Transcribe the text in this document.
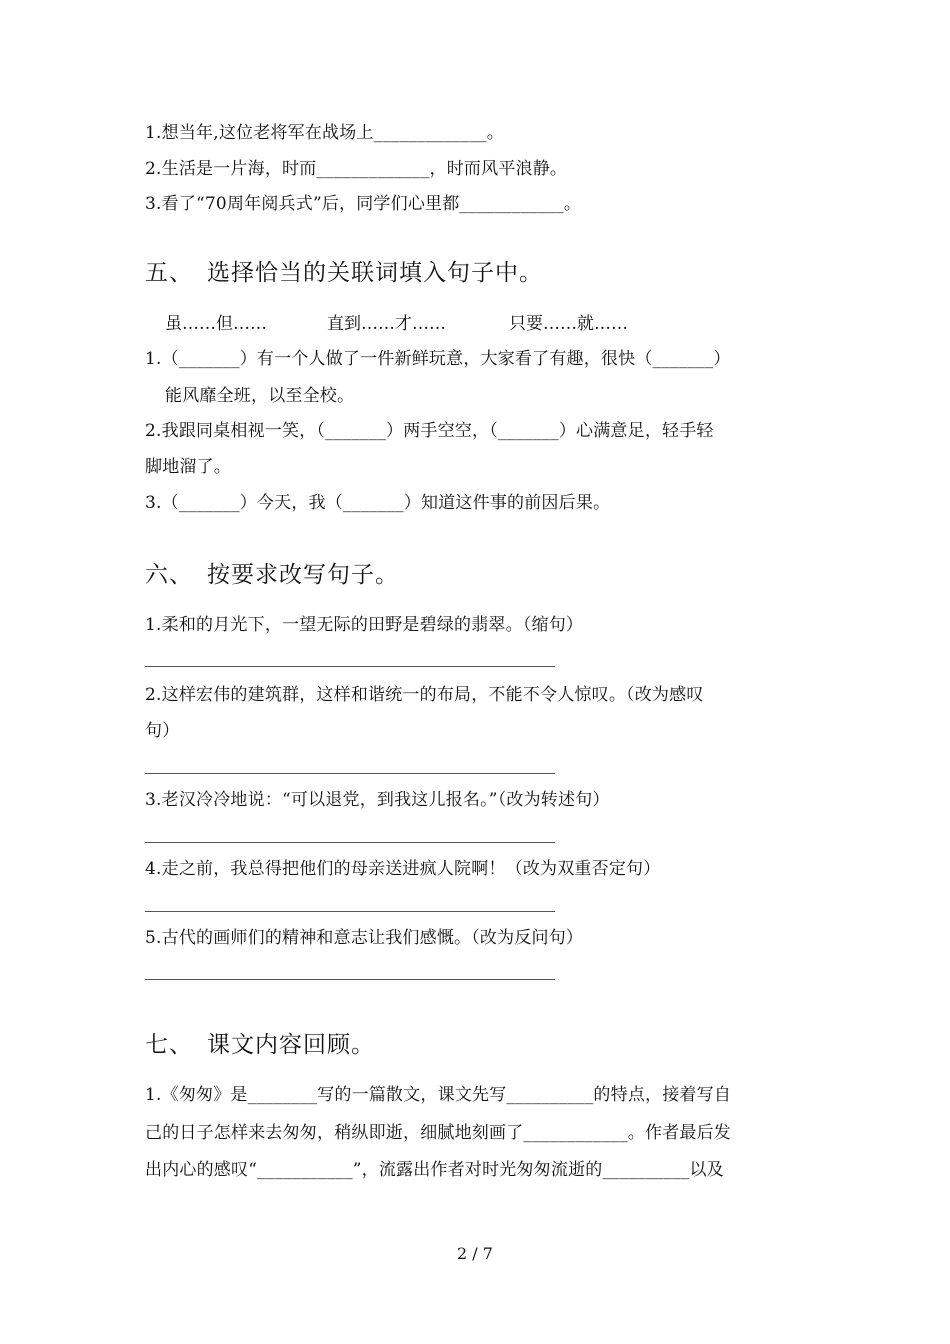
1.想当年,这位老将军在战场上_____________。
2.生活是一片海，时而_____________，时而风平浪静。
3.看了“70周年阅兵式”后，同学们心里都____________。
五、 选择恰当的关联词填入句子中。
虽……但……	直到……才……	只要……就……
1.（_______）有一个人做了一件新鲜玩意，大家看了有趣，很快（_______）
能风靡全班，以至全校。
2.我跟同桌相视一笑，（_______）两手空空，（_______）心满意足，轻手轻
脚地溜了。
3.（_______）今天，我（_______）知道这件事的前因后果。
六、 按要求改写句子。
1.柔和的月光下，一望无际的田野是碧绿的翡翠。（缩句）
2.这样宏伟的建筑群，这样和谐统一的布局，不能不令人惊叹。（改为感叹
句）
3.老汉冷冷地说：“可以退党，到我这儿报名。”（改为转述句）
4.走之前，我总得把他们的母亲送进疯人院啊！（改为双重否定句）
5.古代的画师们的精神和意志让我们感慨。（改为反问句）
七、 课文内容回顾。
1.《匆匆》是________写的一篇散文，课文先写__________的特点，接着写自
己的日子怎样来去匆匆，稍纵即逝，细腻地刻画了____________。作者最后发
出内心的感叹“___________”，流露出作者对时光匆匆流逝的__________以及
2 / 7
